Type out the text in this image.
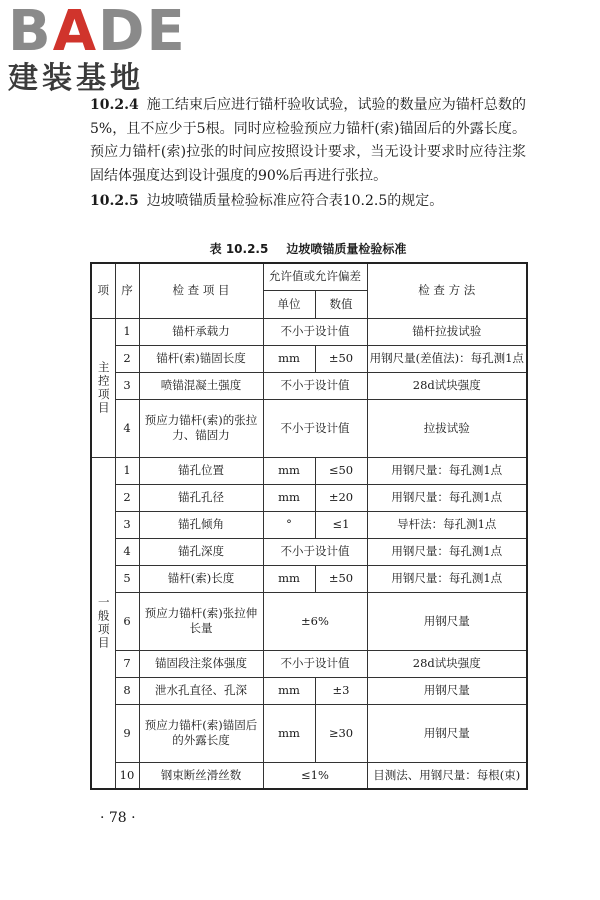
BADE
建装基地

10.2.4 施工结束后应进行锚杆验收试验，试验的数量应为锚杆总数的5%，且不应少于5根。同时应检验预应力锚杆(索)锚固后的外露长度。预应力锚杆(索)拉张的时间应按照设计要求，当无设计要求时应待注浆固结体强度达到设计强度的90%后再进行张拉。

10.2.5 边坡喷锚质量检验标准应符合表10.2.5的规定。

表 10.2.5 边坡喷锚质量检验标准
项	序	检 查 项 目	允许值或允许偏差		检 查 方 法
			单位	数值	

主控项目	1	锚杆承载力	不小于设计值		锚杆拉拔试验
	2	锚杆(索)锚固长度	mm	±50	用钢尺量(差值法)：每孔测1点
	3	喷锚混凝土强度	不小于设计值		28d试块强度
	4	预应力锚杆(索)的张拉力、锚固力	不小于设计值		拉拔试验

一般项目	1	锚孔位置	mm	≤50	用钢尺量：每孔测1点
	2	锚孔孔径	mm	±20	用钢尺量：每孔测1点
	3	锚孔倾角	°	≤1	导杆法：每孔测1点
	4	锚孔深度	不小于设计值		用钢尺量：每孔测1点
	5	锚杆(索)长度	mm	±50	用钢尺量：每孔测1点
	6	预应力锚杆(索)张拉伸长量	±6%		用钢尺量
	7	锚固段注浆体强度	不小于设计值		28d试块强度
	8	泄水孔直径、孔深	mm	±3	用钢尺量
	9	预应力锚杆(索)锚固后的外露长度	mm	≥30	用钢尺量
	10	钢束断丝滑丝数	≤1%		目测法、用钢尺量：每根(束)
· 78 ·
